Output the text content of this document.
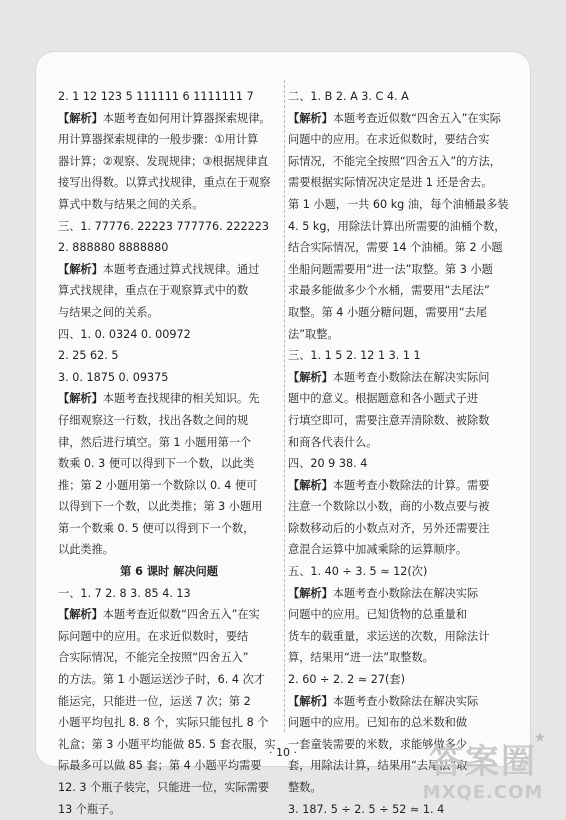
2. 1 12 123 5 111111 6 1111111 7
【解析】本题考查如何用计算器探索规律。
用计算器探索规律的一般步骤：①用计算
器计算；②观察、发现规律；③根据规律直
接写出得数。以算式找规律，重点在于观察
算式中数与结果之间的关系。
三、1. 77776. 22223 777776. 222223
2. 888880 8888880
【解析】本题考查通过算式找规律。通过
算式找规律，重点在于观察算式中的数
与结果之间的关系。
四、1. 0. 0324 0. 00972
2. 25 62. 5
3. 0. 1875 0. 09375
【解析】本题考查找规律的相关知识。先
仔细观察这一行数，找出各数之间的规
律，然后进行填空。第 1 小题用第一个
数乘 0. 3 便可以得到下一个数，以此类
推；第 2 小题用第一个数除以 0. 4 便可
以得到下一个数，以此类推；第 3 小题用
第一个数乘 0. 5 便可以得到下一个数，
以此类推。
第 6 课时 解决问题
一、1. 7 2. 8 3. 85 4. 13
【解析】本题考查近似数“四舍五入”在实
际问题中的应用。在求近似数时，要结
合实际情况，不能完全按照“四舍五入”
的方法。第 1 小题运送沙子时，6. 4 次才
能运完，只能进一位，运送 7 次；第 2
小题平均包扎 8. 8 个，实际只能包扎 8 个
礼盒；第 3 小题平均能做 85. 5 套衣服，实
际最多可以做 85 套；第 4 小题平均需要
12. 3 个瓶子装完，只能进一位，实际需要
13 个瓶子。
二、1. B 2. A 3. C 4. A
【解析】本题考查近似数“四舍五入”在实际
问题中的应用。在求近似数时，要结合实
际情况，不能完全按照“四舍五入”的方法，
需要根据实际情况决定是进 1 还是舍去。
第 1 小题，一共 60 kg 油，每个油桶最多装
4. 5 kg，用除法计算出所需要的油桶个数，
结合实际情况，需要 14 个油桶。第 2 小题
坐船问题需要用“进一法”取整。第 3 小题
求最多能做多少个水桶，需要用“去尾法”
取整。第 4 小题分糖问题，需要用“去尾
法”取整。
三、1. 1 5 2. 12 1 3. 1 1
【解析】本题考查小数除法在解决实际问
题中的意义。根据题意和各小题式子进
行填空即可，需要注意弄清除数、被除数
和商各代表什么。
四、20 9 38. 4
【解析】本题考查小数除法的计算。需要
注意一个数除以小数，商的小数点要与被
除数移动后的小数点对齐，另外还需要注
意混合运算中加减乘除的运算顺序。
五、1. 40 ÷ 3. 5 ≈ 12(次)
【解析】本题考查小数除法在解决实际
问题中的应用。已知货物的总重量和
货车的载重量，求运送的次数，用除法计
算，结果用“进一法”取整数。
2. 60 ÷ 2. 2 ≈ 27(套)
【解析】本题考查小数除法在解决实际
问题中的应用。已知布的总米数和做
一套童装需要的米数，求能够做多少
套，用除法计算，结果用“去尾法”取
整数。
3. 187. 5 ÷ 2. 5 ÷ 52 ≈ 1. 4
· 10 ·
★
答案圈
MXQE.COM
